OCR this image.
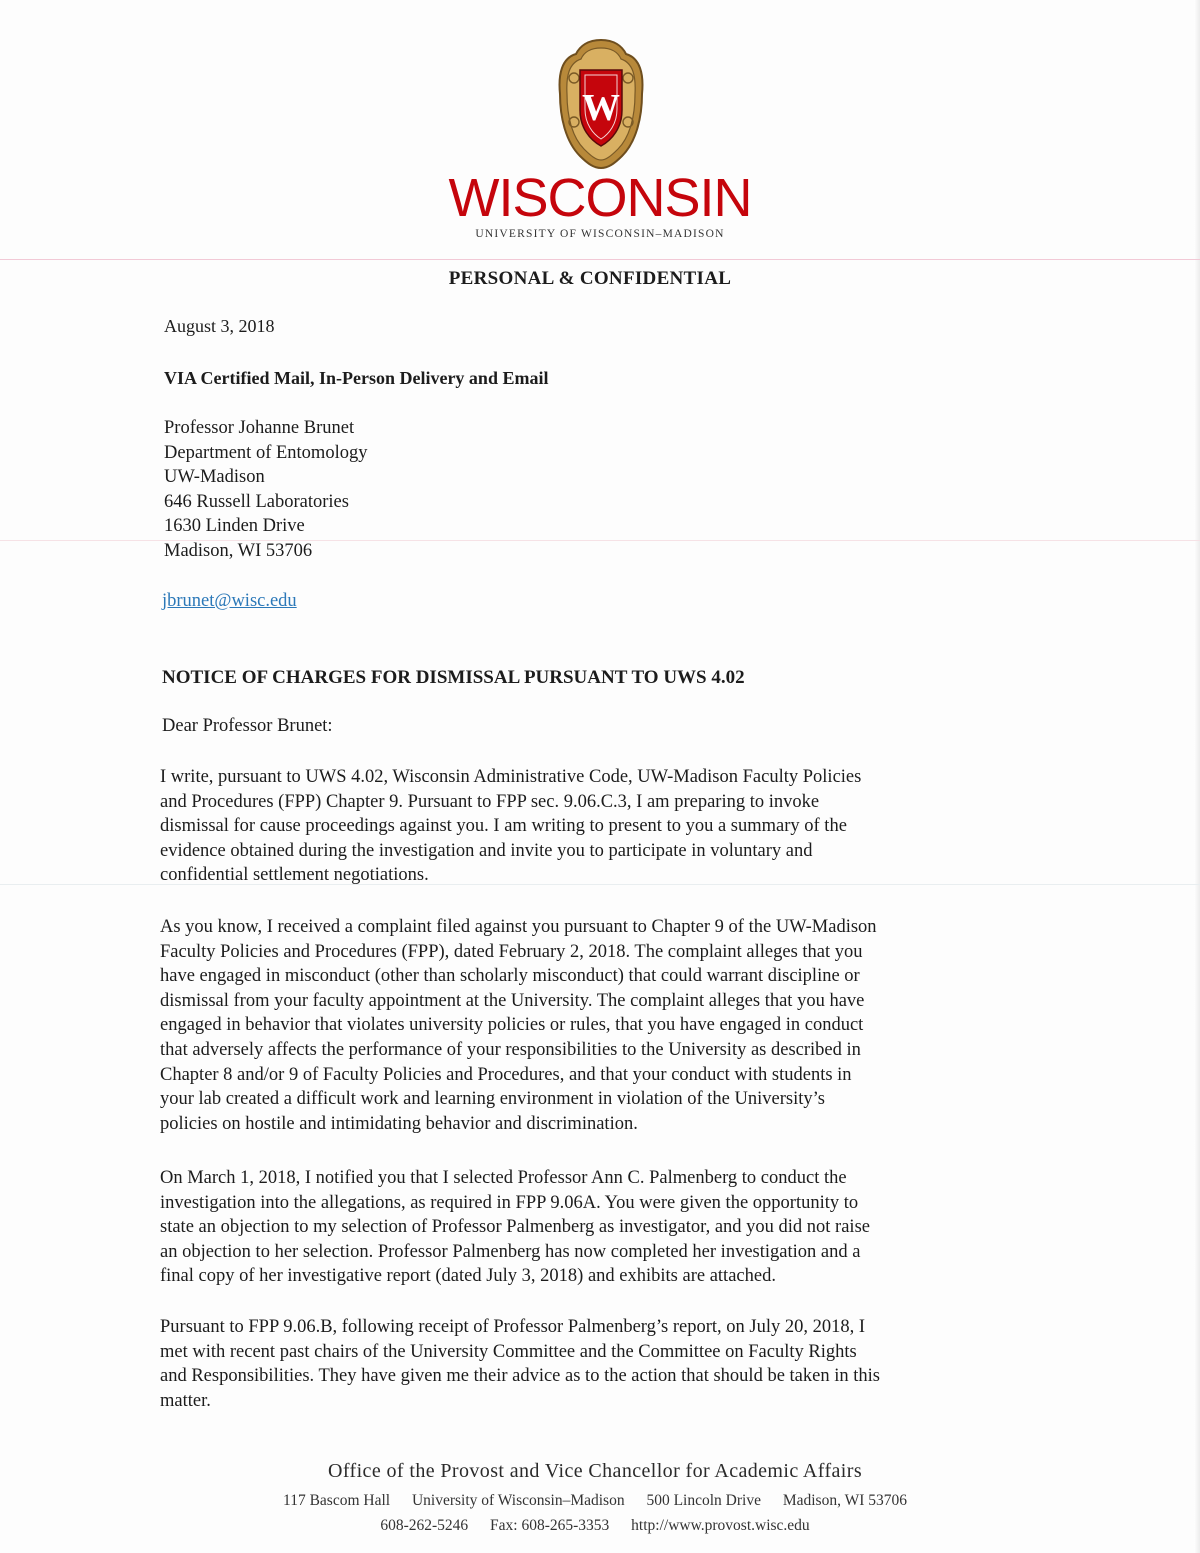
W
WISCONSIN
UNIVERSITY OF WISCONSIN–MADISON
PERSONAL & CONFIDENTIAL
August 3, 2018
VIA Certified Mail, In-Person Delivery and Email
Professor Johanne Brunet
Department of Entomology
UW-Madison
646 Russell Laboratories
1630 Linden Drive
Madison, WI 53706
jbrunet@wisc.edu
NOTICE OF CHARGES FOR DISMISSAL PURSUANT TO UWS 4.02
Dear Professor Brunet:
I write, pursuant to UWS 4.02, Wisconsin Administrative Code, UW-Madison Faculty Policies
and Procedures (FPP) Chapter 9. Pursuant to FPP sec. 9.06.C.3, I am preparing to invoke
dismissal for cause proceedings against you. I am writing to present to you a summary of the
evidence obtained during the investigation and invite you to participate in voluntary and
confidential settlement negotiations.
As you know, I received a complaint filed against you pursuant to Chapter 9 of the UW-Madison
Faculty Policies and Procedures (FPP), dated February 2, 2018. The complaint alleges that you
have engaged in misconduct (other than scholarly misconduct) that could warrant discipline or
dismissal from your faculty appointment at the University. The complaint alleges that you have
engaged in behavior that violates university policies or rules, that you have engaged in conduct
that adversely affects the performance of your responsibilities to the University as described in
Chapter 8 and/or 9 of Faculty Policies and Procedures, and that your conduct with students in
your lab created a difficult work and learning environment in violation of the University’s
policies on hostile and intimidating behavior and discrimination.
On March 1, 2018, I notified you that I selected Professor Ann C. Palmenberg to conduct the
investigation into the allegations, as required in FPP 9.06A. You were given the opportunity to
state an objection to my selection of Professor Palmenberg as investigator, and you did not raise
an objection to her selection. Professor Palmenberg has now completed her investigation and a
final copy of her investigative report (dated July 3, 2018) and exhibits are attached.
Pursuant to FPP 9.06.B, following receipt of Professor Palmenberg’s report, on July 20, 2018, I
met with recent past chairs of the University Committee and the Committee on Faculty Rights
and Responsibilities. They have given me their advice as to the action that should be taken in this
matter.
Office of the Provost and Vice Chancellor for Academic Affairs
117 Bascom Hall University of Wisconsin–Madison 500 Lincoln Drive Madison, WI 53706
608-262-5246 Fax: 608-265-3353 http://www.provost.wisc.edu
